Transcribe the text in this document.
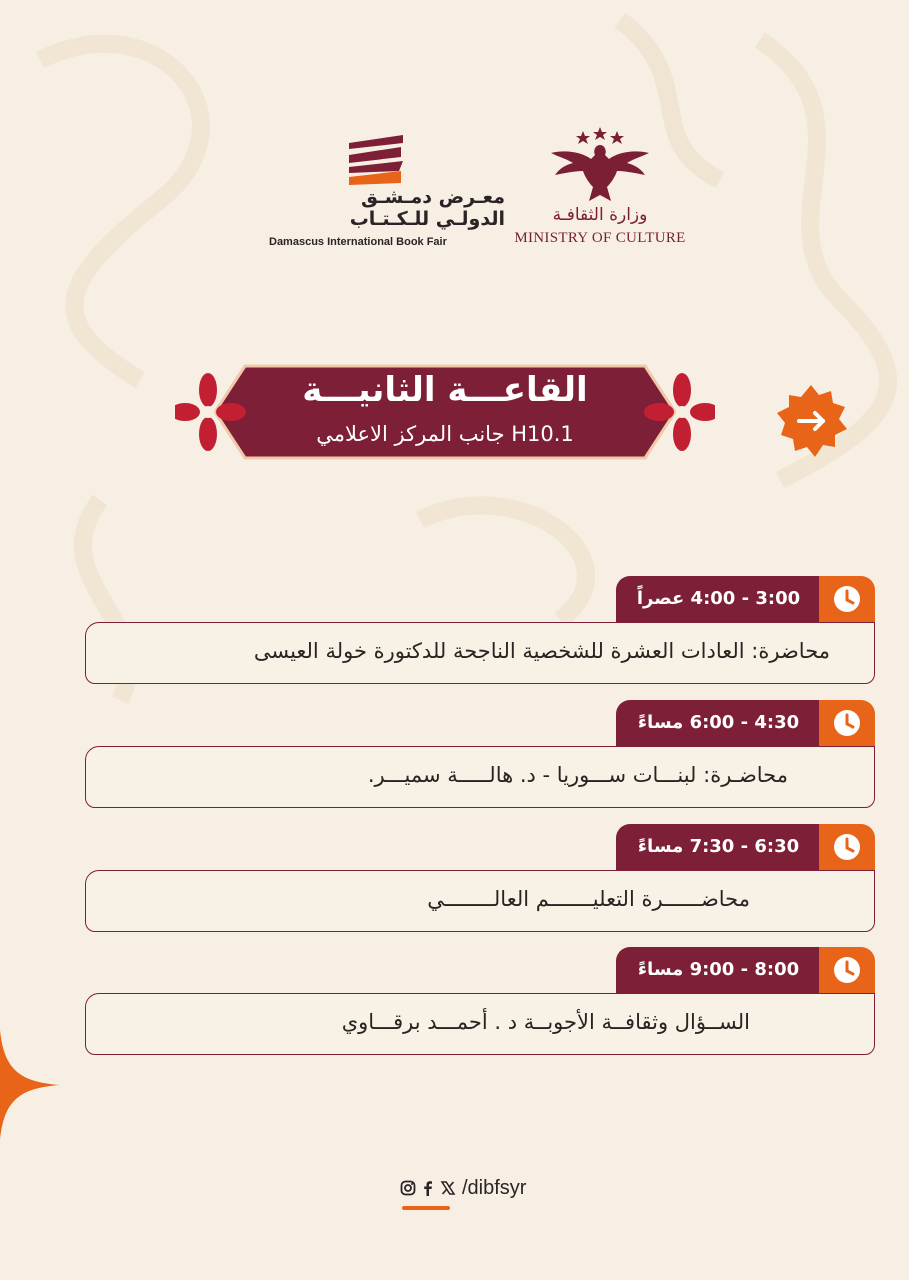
معـرض دمـشـق
الدولـي للـكـتـاب
Damascus International Book Fair
وزارة الثقافـة
MINISTRY OF CULTURE
القاعـــة الثانيـــة
H10.1 جانب المركز الاعلامي
محاضرة: العادات العشرة للشخصية الناجحة للدكتورة خولة العيسى
3:00 - 4:00 عصراً
محاضـرة: لبنـــات ســـوريا - د. هالـــــة سميـــر.
4:30 - 6:00 مساءً
محاضــــــرة التعليـــــــم العالــــــــي
6:30 - 7:30 مساءً
الســؤال وثقافــة الأجوبــة د . أحمـــد برقـــاوي
8:00 - 9:00 مساءً
/dibfsyr
